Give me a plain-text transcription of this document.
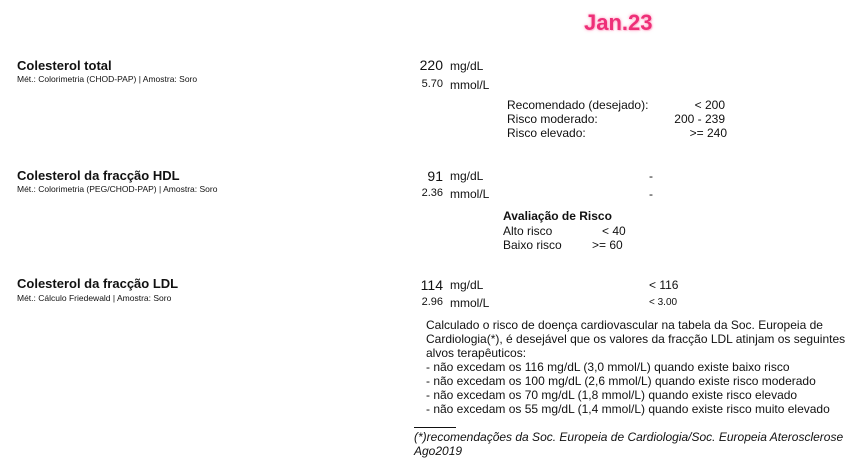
Jan.23
Colesterol total
Mét.: Colorimetria (CHOD-PAP) | Amostra: Soro
220 mg/dL
5.70 mmol/L
Recomendado (desejado):	< 200
Risco moderado:	200 - 239
Risco elevado:	>= 240
Colesterol da fracção HDL
Mét.: Colorimetria (PEG/CHOD-PAP) | Amostra: Soro
91 mg/dL	-
2.36 mmol/L	-
Avaliação de Risco
Alto risco	< 40
Baixo risco	>= 60
Colesterol da fracção LDL
Mét.: Cálculo Friedewald | Amostra: Soro
114 mg/dL	< 116
2.96 mmol/L	< 3.00
Calculado o risco de doença cardiovascular na tabela da Soc. Europeia de
Cardiologia(*), é desejável que os valores da fracção LDL atinjam os seguintes
alvos terapêuticos:
- não excedam os 116 mg/dL (3,0 mmol/L) quando existe baixo risco
- não excedam os 100 mg/dL (2,6 mmol/L) quando existe risco moderado
- não excedam os 70 mg/dL (1,8 mmol/L) quando existe risco elevado
- não excedam os 55 mg/dL (1,4 mmol/L) quando existe risco muito elevado
(*)recomendações da Soc. Europeia de Cardiologia/Soc. Europeia Aterosclerose
Ago2019
